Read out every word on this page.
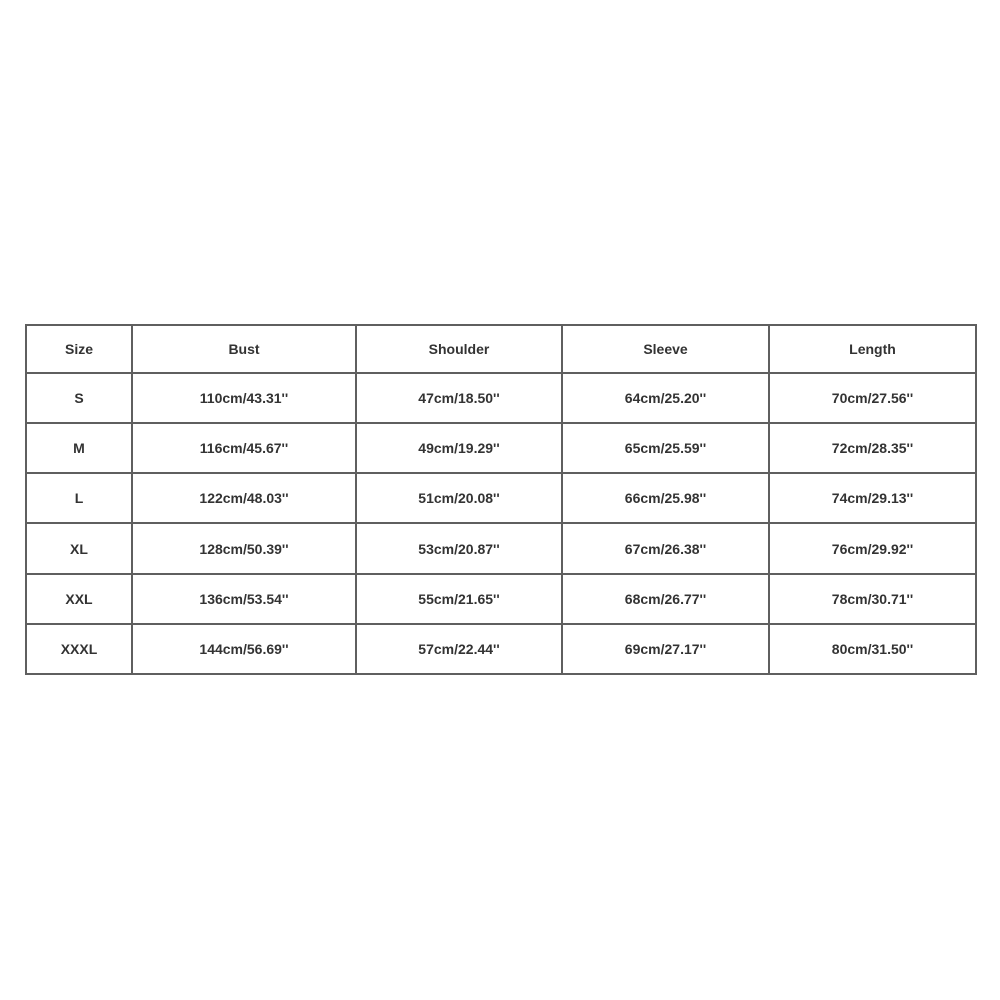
Size	Bust	Shoulder	Sleeve	Length
S	110cm/43.31''	47cm/18.50''	64cm/25.20''	70cm/27.56''
M	116cm/45.67''	49cm/19.29''	65cm/25.59''	72cm/28.35''
L	122cm/48.03''	51cm/20.08''	66cm/25.98''	74cm/29.13''
XL	128cm/50.39''	53cm/20.87''	67cm/26.38''	76cm/29.92''
XXL	136cm/53.54''	55cm/21.65''	68cm/26.77''	78cm/30.71''
XXXL	144cm/56.69''	57cm/22.44''	69cm/27.17''	80cm/31.50''
